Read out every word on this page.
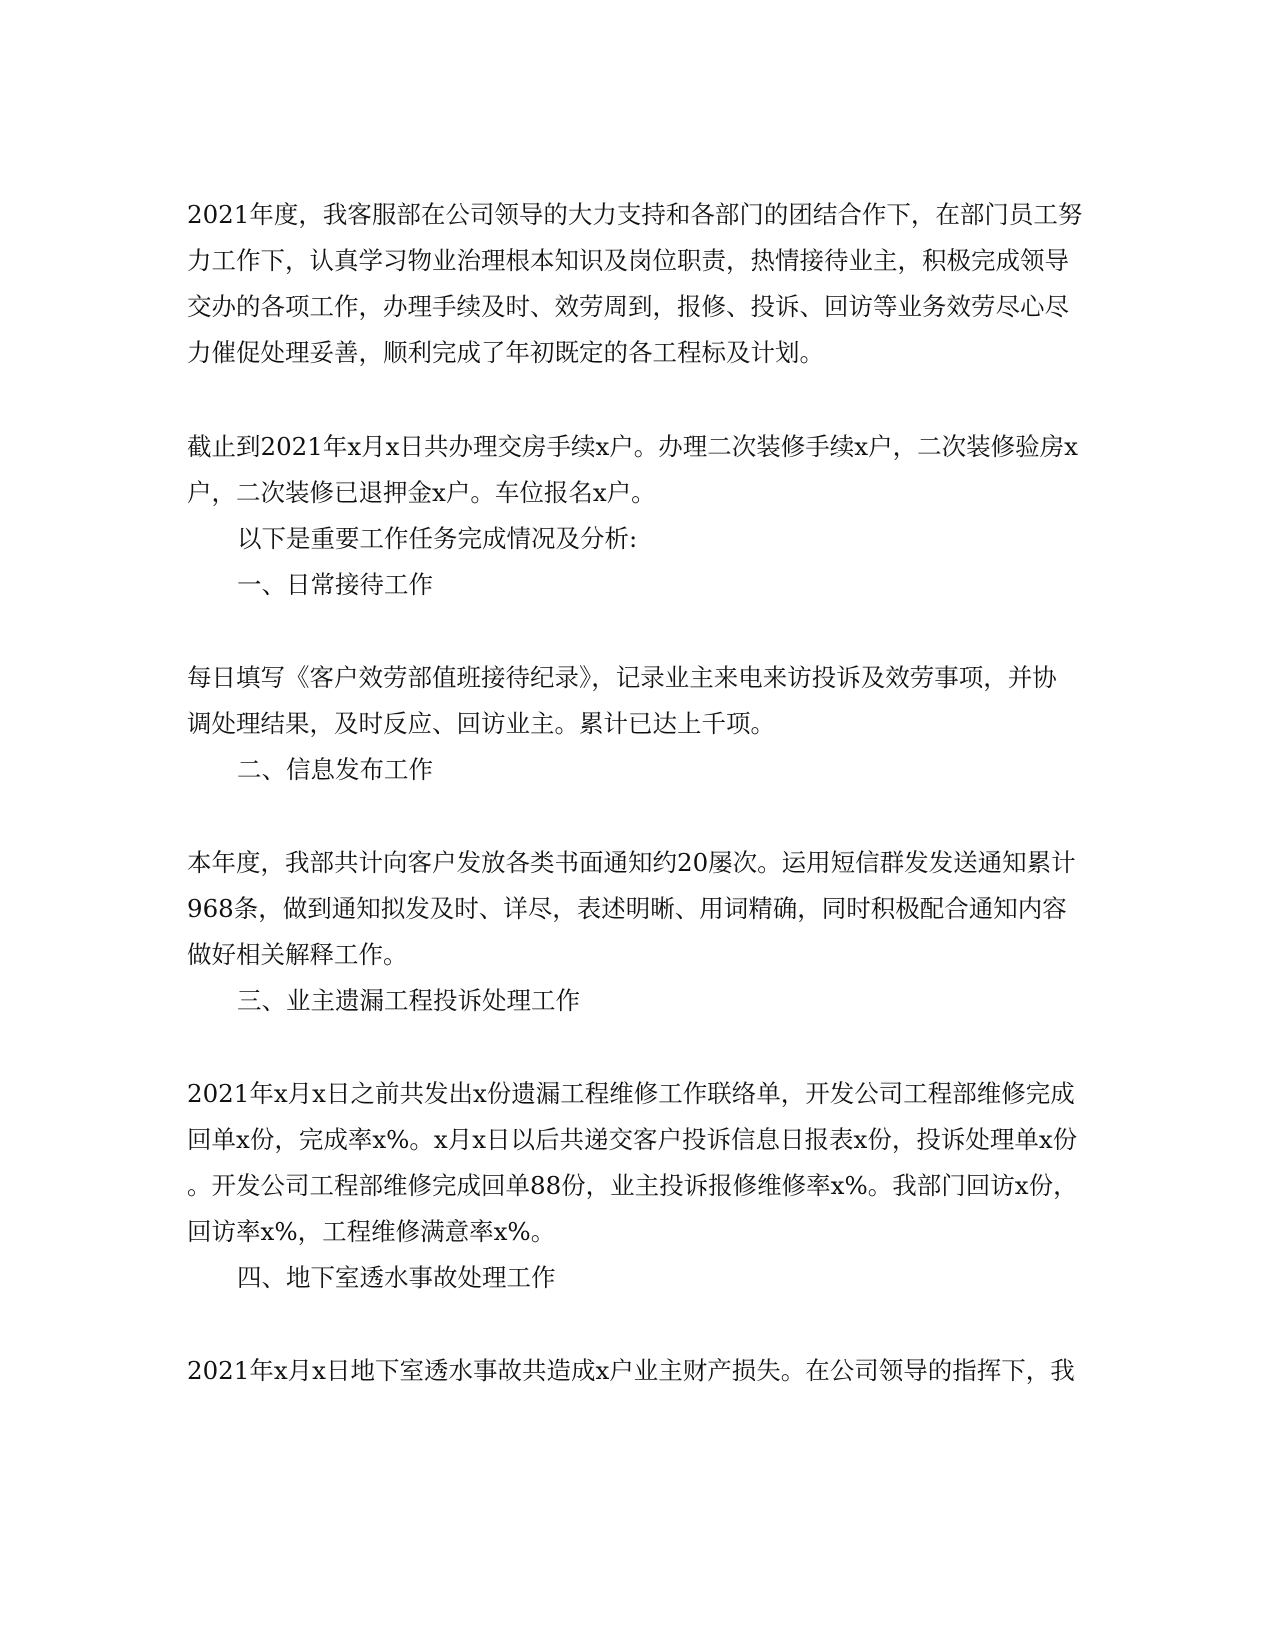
2021年度，我客服部在公司领导的大力支持和各部门的团结合作下，在部门员工努

力工作下，认真学习物业治理根本知识及岗位职责，热情接待业主，积极完成领导

交办的各项工作，办理手续及时、效劳周到，报修、投诉、回访等业务效劳尽心尽

力催促处理妥善，顺利完成了年初既定的各工程标及计划。

截止到2021年x月x日共办理交房手续x户。办理二次装修手续x户，二次装修验房x

户，二次装修已退押金x户。车位报名x户。

以下是重要工作任务完成情况及分析:

一、日常接待工作

每日填写《客户效劳部值班接待纪录》，记录业主来电来访投诉及效劳事项，并协

调处理结果，及时反应、回访业主。累计已达上千项。

二、信息发布工作

本年度，我部共计向客户发放各类书面通知约20屡次。运用短信群发发送通知累计

968条，做到通知拟发及时、详尽，表述明晰、用词精确，同时积极配合通知内容

做好相关解释工作。

三、业主遗漏工程投诉处理工作

2021年x月x日之前共发出x份遗漏工程维修工作联络单，开发公司工程部维修完成

回单x份，完成率x%。x月x日以后共递交客户投诉信息日报表x份，投诉处理单x份

。开发公司工程部维修完成回单88份，业主投诉报修维修率x%。我部门回访x份，

回访率x%，工程维修满意率x%。

四、地下室透水事故处理工作

2021年x月x日地下室透水事故共造成x户业主财产损失。在公司领导的指挥下，我
